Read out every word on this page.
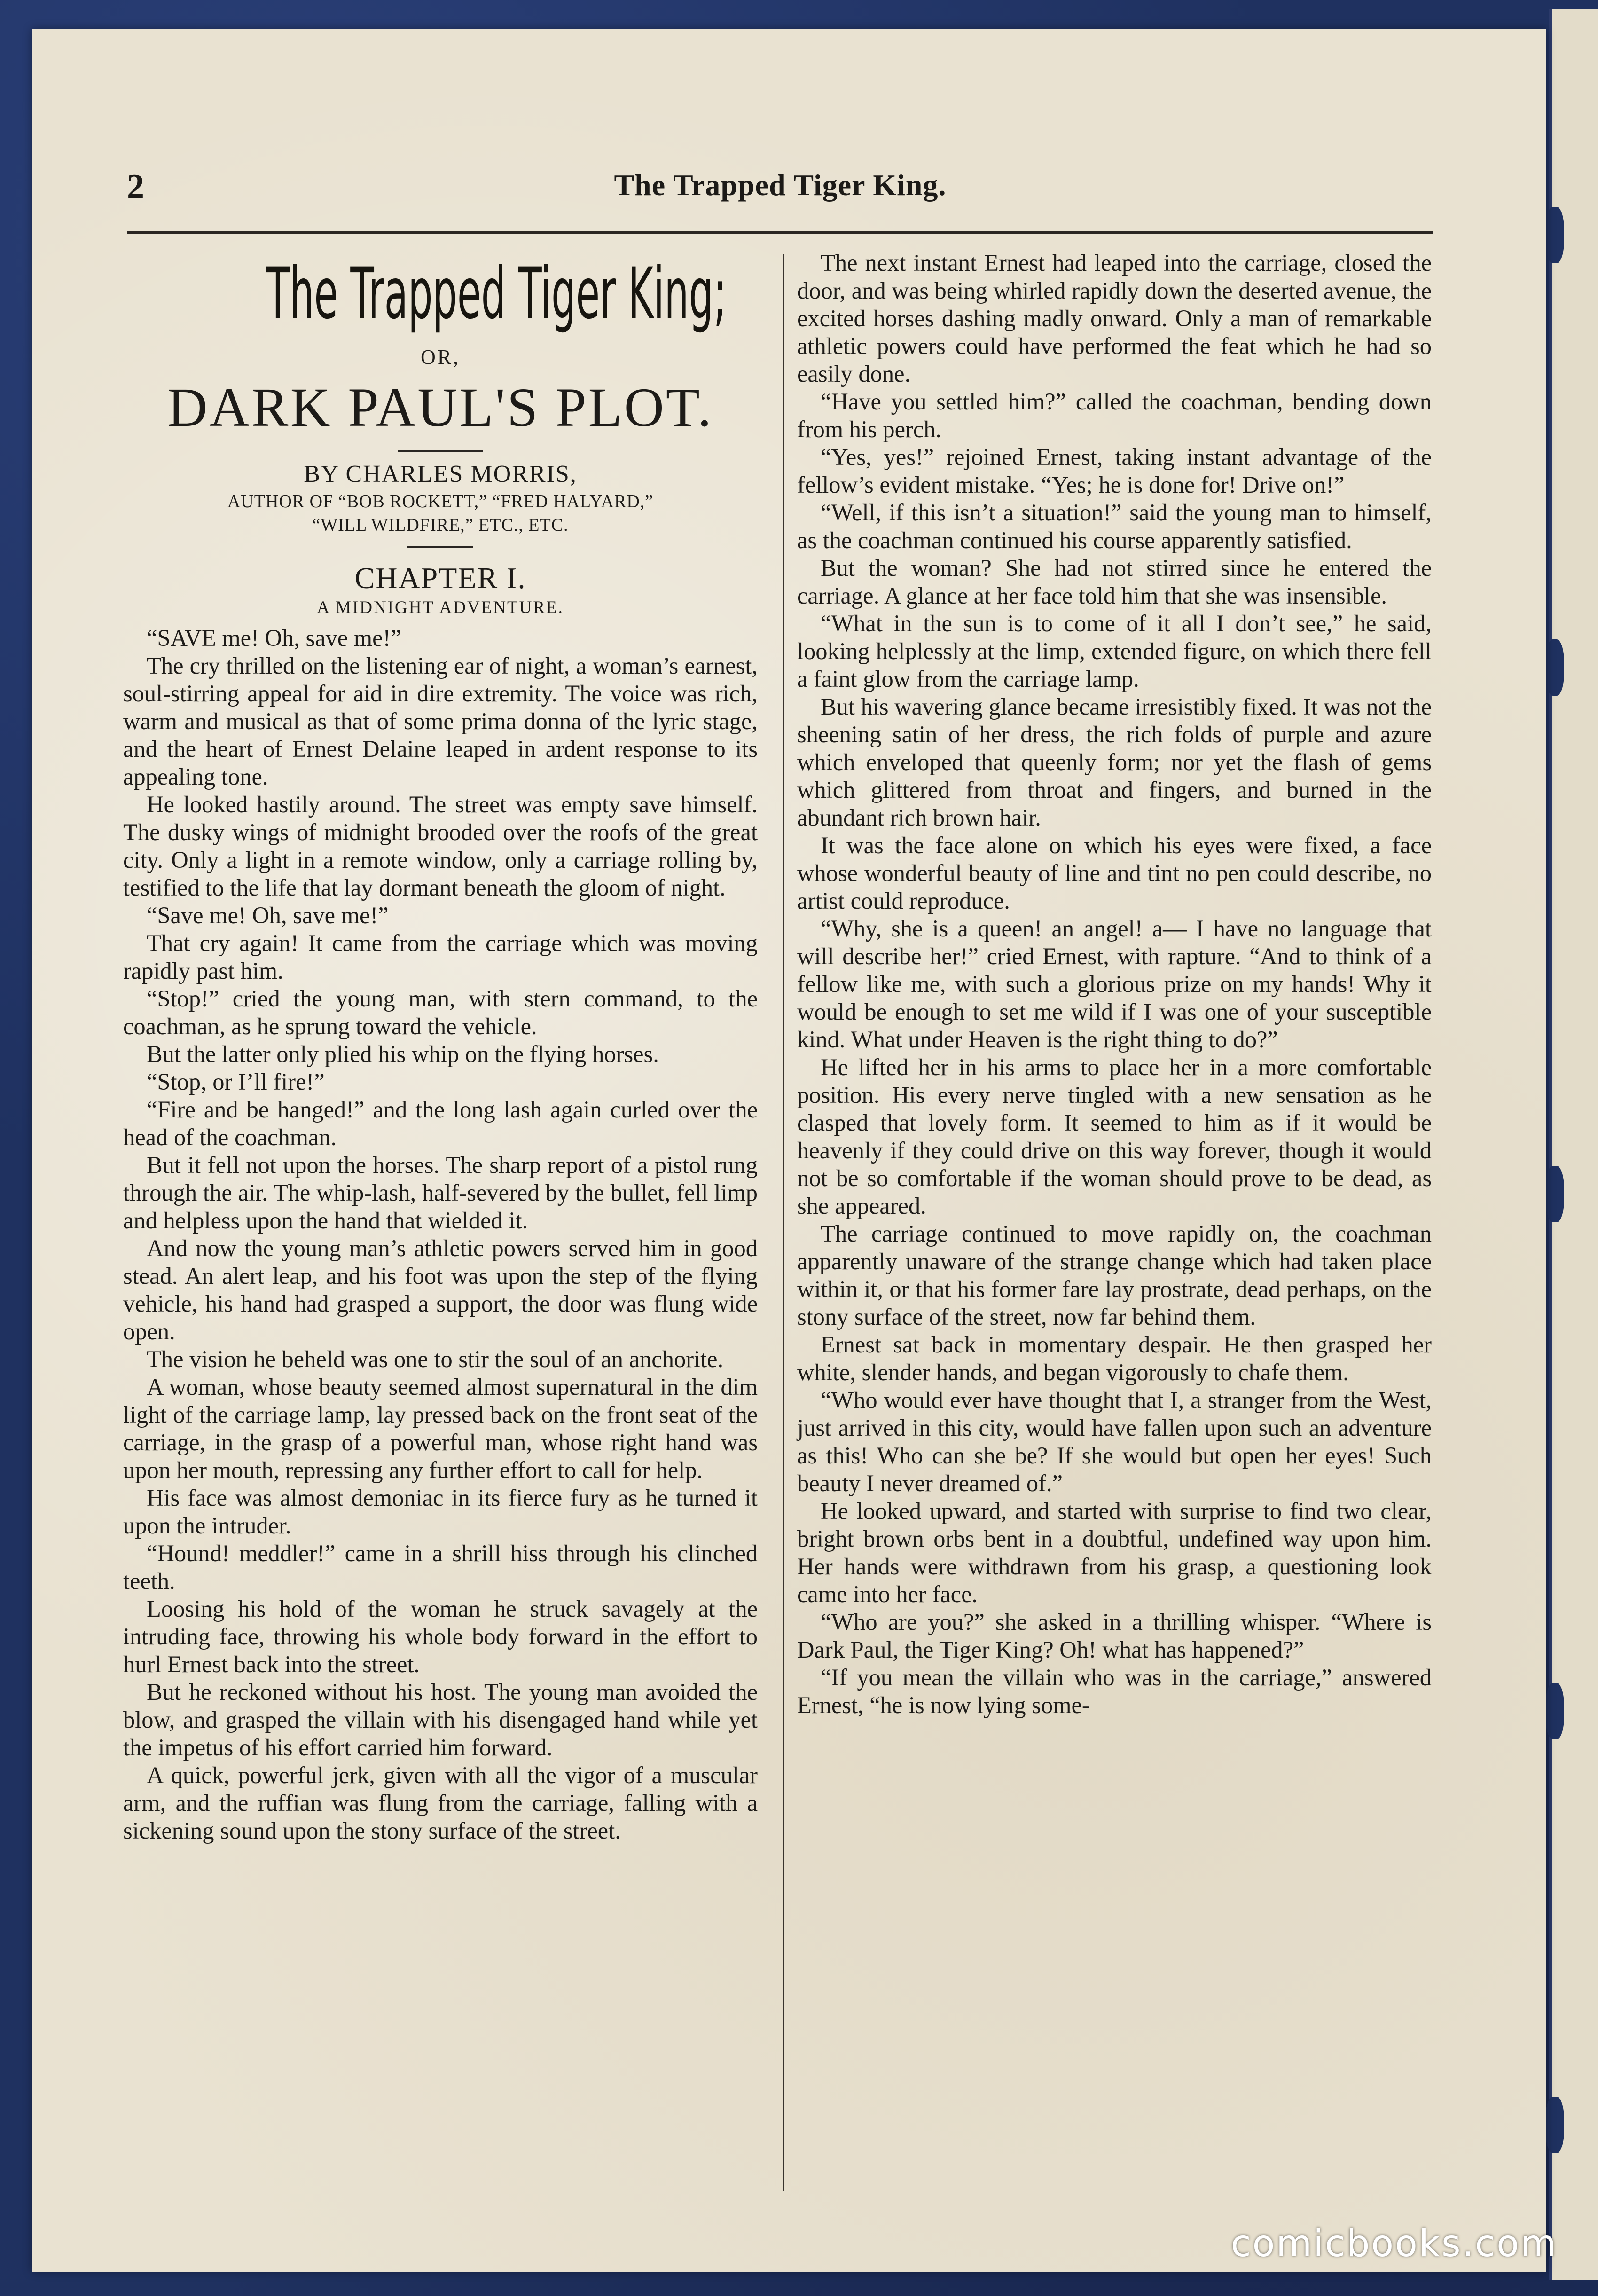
2	The Trapped Tiger King.
The Trapped Tiger King;
OR,
DARK PAUL'S PLOT.
BY CHARLES MORRIS,
AUTHOR OF “BOB ROCKETT,” “FRED HALYARD,”
“WILL WILDFIRE,” ETC., ETC.
CHAPTER I.
A MIDNIGHT ADVENTURE.

“SAVE me! Oh, save me!”

The cry thrilled on the listening ear of night, a woman’s earnest, soul-stirring appeal for aid in dire extremity. The voice was rich, warm and musical as that of some prima donna of the lyric stage, and the heart of Ernest Delaine leaped in ardent response to its appealing tone.

He looked hastily around. The street was empty save himself. The dusky wings of midnight brooded over the roofs of the great city. Only a light in a remote window, only a carriage rolling by, testified to the life that lay dormant beneath the gloom of night.

“Save me! Oh, save me!”

That cry again! It came from the carriage which was moving rapidly past him.

“Stop!” cried the young man, with stern command, to the coachman, as he sprung toward the vehicle.

But the latter only plied his whip on the flying horses.

“Stop, or I’ll fire!”

“Fire and be hanged!” and the long lash again curled over the head of the coachman.

But it fell not upon the horses. The sharp report of a pistol rung through the air. The whip-lash, half-severed by the bullet, fell limp and helpless upon the hand that wielded it.

And now the young man’s athletic powers served him in good stead. An alert leap, and his foot was upon the step of the flying vehicle, his hand had grasped a support, the door was flung wide open.

The vision he beheld was one to stir the soul of an anchorite.

A woman, whose beauty seemed almost supernatural in the dim light of the carriage lamp, lay pressed back on the front seat of the carriage, in the grasp of a powerful man, whose right hand was upon her mouth, repressing any further effort to call for help.

His face was almost demoniac in its fierce fury as he turned it upon the intruder.

“Hound! meddler!” came in a shrill hiss through his clinched teeth.

Loosing his hold of the woman he struck savagely at the intruding face, throwing his whole body forward in the effort to hurl Ernest back into the street.

But he reckoned without his host. The young man avoided the blow, and grasped the villain with his disengaged hand while yet the impetus of his effort carried him forward.

A quick, powerful jerk, given with all the vigor of a muscular arm, and the ruffian was flung from the carriage, falling with a sickening sound upon the stony surface of the street.

The next instant Ernest had leaped into the carriage, closed the door, and was being whirled rapidly down the deserted avenue, the excited horses dashing madly onward. Only a man of remarkable athletic powers could have performed the feat which he had so easily done.

“Have you settled him?” called the coachman, bending down from his perch.

“Yes, yes!” rejoined Ernest, taking instant advantage of the fellow’s evident mistake. “Yes; he is done for! Drive on!”

“Well, if this isn’t a situation!” said the young man to himself, as the coachman continued his course apparently satisfied.

But the woman? She had not stirred since he entered the carriage. A glance at her face told him that she was insensible.

“What in the sun is to come of it all I don’t see,” he said, looking helplessly at the limp, extended figure, on which there fell a faint glow from the carriage lamp.

But his wavering glance became irresistibly fixed. It was not the sheening satin of her dress, the rich folds of purple and azure which enveloped that queenly form; nor yet the flash of gems which glittered from throat and fingers, and burned in the abundant rich brown hair.

It was the face alone on which his eyes were fixed, a face whose wonderful beauty of line and tint no pen could describe, no artist could reproduce.

“Why, she is a queen! an angel! a— I have no language that will describe her!” cried Ernest, with rapture. “And to think of a fellow like me, with such a glorious prize on my hands! Why it would be enough to set me wild if I was one of your susceptible kind. What under Heaven is the right thing to do?”

He lifted her in his arms to place her in a more comfortable position. His every nerve tingled with a new sensation as he clasped that lovely form. It seemed to him as if it would be heavenly if they could drive on this way forever, though it would not be so comfortable if the woman should prove to be dead, as she appeared.

The carriage continued to move rapidly on, the coachman apparently unaware of the strange change which had taken place within it, or that his former fare lay prostrate, dead perhaps, on the stony surface of the street, now far behind them.

Ernest sat back in momentary despair. He then grasped her white, slender hands, and began vigorously to chafe them.

“Who would ever have thought that I, a stranger from the West, just arrived in this city, would have fallen upon such an adventure as this! Who can she be? If she would but open her eyes! Such beauty I never dreamed of.”

He looked upward, and started with surprise to find two clear, bright brown orbs bent in a doubtful, undefined way upon him. Her hands were withdrawn from his grasp, a questioning look came into her face.

“Who are you?” she asked in a thrilling whisper. “Where is Dark Paul, the Tiger King? Oh! what has happened?”

“If you mean the villain who was in the carriage,” answered Ernest, “he is now lying some-

comicbooks.com
